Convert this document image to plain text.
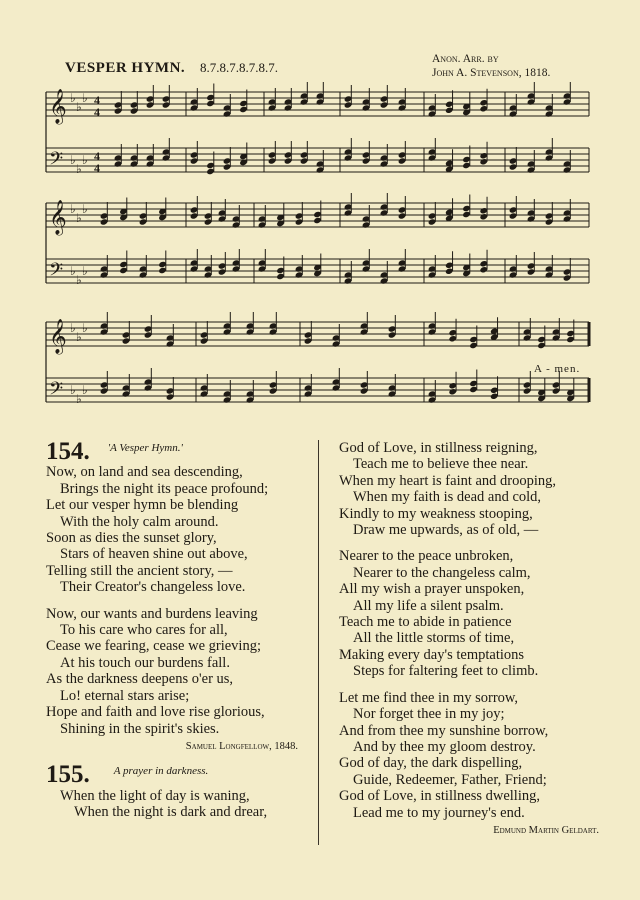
VESPER HYMN. 8.7.8.7.8.7.8.7.
Anon. Arr. by
John A. Stevenson, 1818.
𝄞 ♭
♭
♭ 4
4
𝄢 ♭
♭
♭ 4
4
𝄞 ♭
♭
♭
𝄢 ♭
♭
♭
𝄞 ♭
♭
♭
𝄢 ♭
♭
♭
A - men.
154. 'A Vesper Hymn.'

Now, on land and sea descending,

Brings the night its peace profound;

Let our vesper hymn be blending

With the holy calm around.

Soon as dies the sunset glory,

Stars of heaven shine out above,

Telling still the ancient story, —

Their Creator's changeless love.

Now, our wants and burdens leaving

To his care who cares for all,

Cease we fearing, cease we grieving;

At his touch our burdens fall.

As the darkness deepens o'er us,

Lo! eternal stars arise;

Hope and faith and love rise glorious,

Shining in the spirit's skies.

Samuel Longfellow, 1848.

155. A prayer in darkness.

When the light of day is waning,

When the night is dark and drear,

God of Love, in stillness reigning,

Teach me to believe thee near.

When my heart is faint and drooping,

When my faith is dead and cold,

Kindly to my weakness stooping,

Draw me upwards, as of old, —

Nearer to the peace unbroken,

Nearer to the changeless calm,

All my wish a prayer unspoken,

All my life a silent psalm.

Teach me to abide in patience

All the little storms of time,

Making every day's temptations

Steps for faltering feet to climb.

Let me find thee in my sorrow,

Nor forget thee in my joy;

And from thee my sunshine borrow,

And by thee my gloom destroy.

God of day, the dark dispelling,

Guide, Redeemer, Father, Friend;

God of Love, in stillness dwelling,

Lead me to my journey's end.

Edmund Martin Geldart.
